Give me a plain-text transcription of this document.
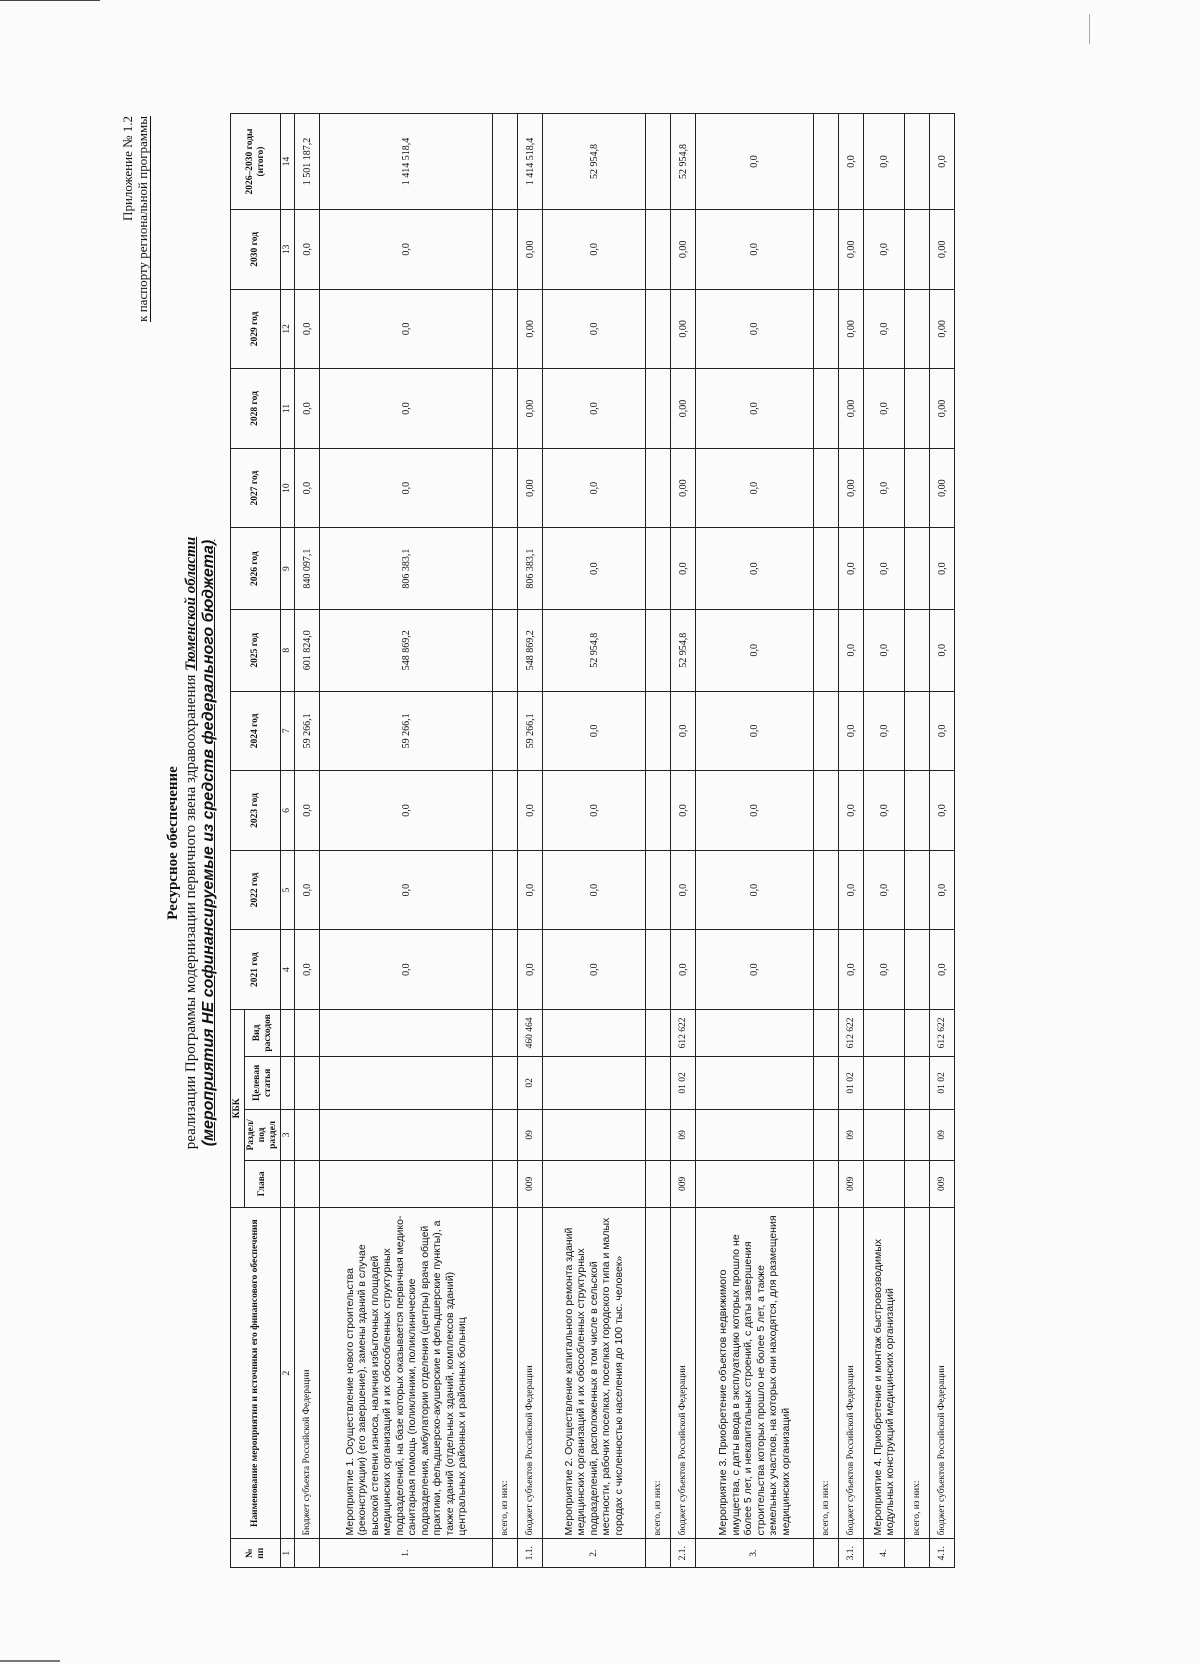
Приложение № 1.2 к паспорту региональной программы
Ресурсное обеспечение реализации Программы модернизации первичного звена здравоохранения Тюменской области (мероприятия НЕ софинансируемые из средств федерального бюджета)
№ пп	Наименование мероприятия и источники его финансового обеспечения	КБК				2021 год	2022 год	2023 год	2024 год	2025 год	2026 год	2027 год	2028 год	2029 год	2030 год	2026–2030 годы (итого)
		Глава	Раздел/под раздел	Целевая статья	Вид расходов											
1	2		3			4	5	6	7	8	9	10	11	12	13	14
	Бюджет субъекта Российской Федерации					0,0	0,0	0,0	59 266,1	601 824,0	840 097,1	0,0	0,0	0,0	0,0	1 501 187,2
1.	Мероприятие 1. Осуществление нового строительства (реконструкции) (его завершение), замены зданий в случае высокой степени износа, наличия избыточных площадей медицинских организаций и их обособленных структурных подразделений, на базе которых оказывается первичная медико-санитарная помощь (поликлиники, поликлинические подразделения, амбулатории отделения (центры) врача общей практики, фельдшерско-акушерские и фельдшерские пункты), а также зданий (отдельных зданий, комплексов зданий) центральных районных и районных больниц					0,0	0,0	0,0	59 266,1	548 869,2	806 383,1	0,0	0,0	0,0	0,0	1 414 518,4
	всего, из них:															
1.1.	бюджет субъектов Российской Федерации	009	09	02	460 464	0,0	0,0	0,0	59 266,1	548 869,2	806 383,1	0,00	0,00	0,00	0,00	1 414 518,4
2.	Мероприятие 2. Осуществление капитального ремонта зданий медицинских организаций и их обособленных структурных подразделений, расположенных в том числе в сельской местности, рабочих поселках, поселках городского типа и малых городах с численностью населения до 100 тыс. человек»					0,0	0,0	0,0	0,0	52 954,8	0,0	0,0	0,0	0,0	0,0	52 954,8
	всего, из них:															
2.1.	бюджет субъектов Российской Федерации	009	09	01 02	612 622	0,0	0,0	0,0	0,0	52 954,8	0,0	0,00	0,00	0,00	0,00	52 954,8
3.	Мероприятие 3. Приобретение объектов недвижимого имущества, с даты ввода в эксплуатацию которых прошло не более 5 лет, и некапитальных строений, с даты завершения строительства которых прошло не более 5 лет, а также земельных участков, на которых они находятся, для размещения медицинских организаций					0,0	0,0	0,0	0,0	0,0	0,0	0,0	0,0	0,0	0,0	0,0
	всего, из них:															
3.1.	бюджет субъектов Российской Федерации	009	09	01 02	612 622	0,0	0,0	0,0	0,0	0,0	0,0	0,00	0,00	0,00	0,00	0,0
4.	Мероприятие 4. Приобретение и монтаж быстровозводимых модульных конструкций медицинских организаций					0,0	0,0	0,0	0,0	0,0	0,0	0,0	0,0	0,0	0,0	0,0
	всего, из них:															
4.1.	бюджет субъектов Российской Федерации	009	09	01 02	612 622	0,0	0,0	0,0	0,0	0,0	0,0	0,00	0,00	0,00	0,00	0,0
